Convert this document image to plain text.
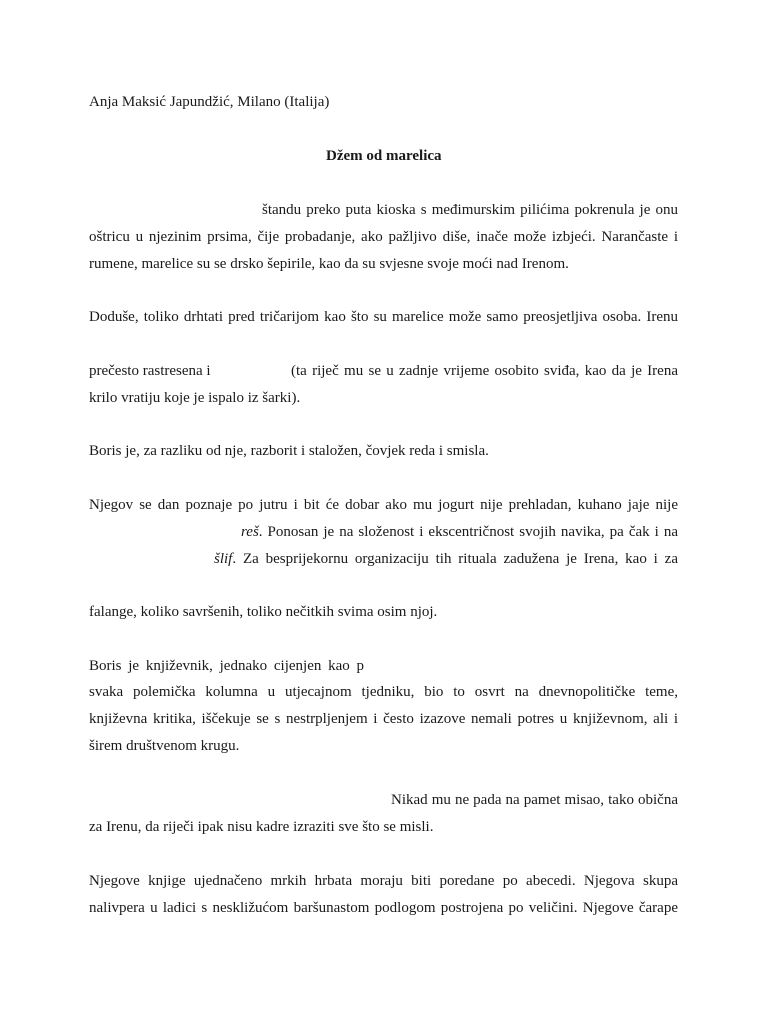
Anja Maksić Japundžić, Milano (Italija)
Džem od marelica
štandu preko puta kioska s međimurskim pilićima pokrenula je onu
oštricu u njezinim prsima, čije probadanje, ako pažljivo diše, inače može izbjeći. Narančaste i
rumene, marelice su se drsko šepirile, kao da su svjesne svoje moći nad Irenom.
Doduše, toliko drhtati pred tričarijom kao što su marelice može samo preosjetljiva osoba. Irenu
prečesto rastresena i	(ta riječ mu se u zadnje vrijeme osobito sviđa, kao da je Irena
krilo vratiju koje je ispalo iz šarki).
Boris je, za razliku od nje, razborit i staložen, čovjek reda i smisla.
Njegov se dan poznaje po jutru i bit će dobar ako mu jogurt nije prehladan, kuhano jaje nije
reš. Ponosan je na složenost i ekscentričnost svojih navika, pa čak i na
šlif. Za besprijekornu organizaciju tih rituala zadužena je Irena, kao i za
falange, koliko savršenih, toliko nečitkih svima osim njoj.
Boris je književnik, jednako cijenjen kao p
svaka polemička kolumna u utjecajnom tjedniku, bio to osvrt na dnevnopolitičke teme,
književna kritika, iščekuje se s nestrpljenjem i često izazove nemali potres u književnom, ali i
širem društvenom krugu.
Nikad mu ne pada na pamet misao, tako obična
za Irenu, da riječi ipak nisu kadre izraziti sve što se misli.
Njegove knjige ujednačeno mrkih hrbata moraju biti poredane po abecedi. Njegova skupa
nalivpera u ladici s neskližućom baršunastom podlogom postrojena po veličini. Njegove čarape
